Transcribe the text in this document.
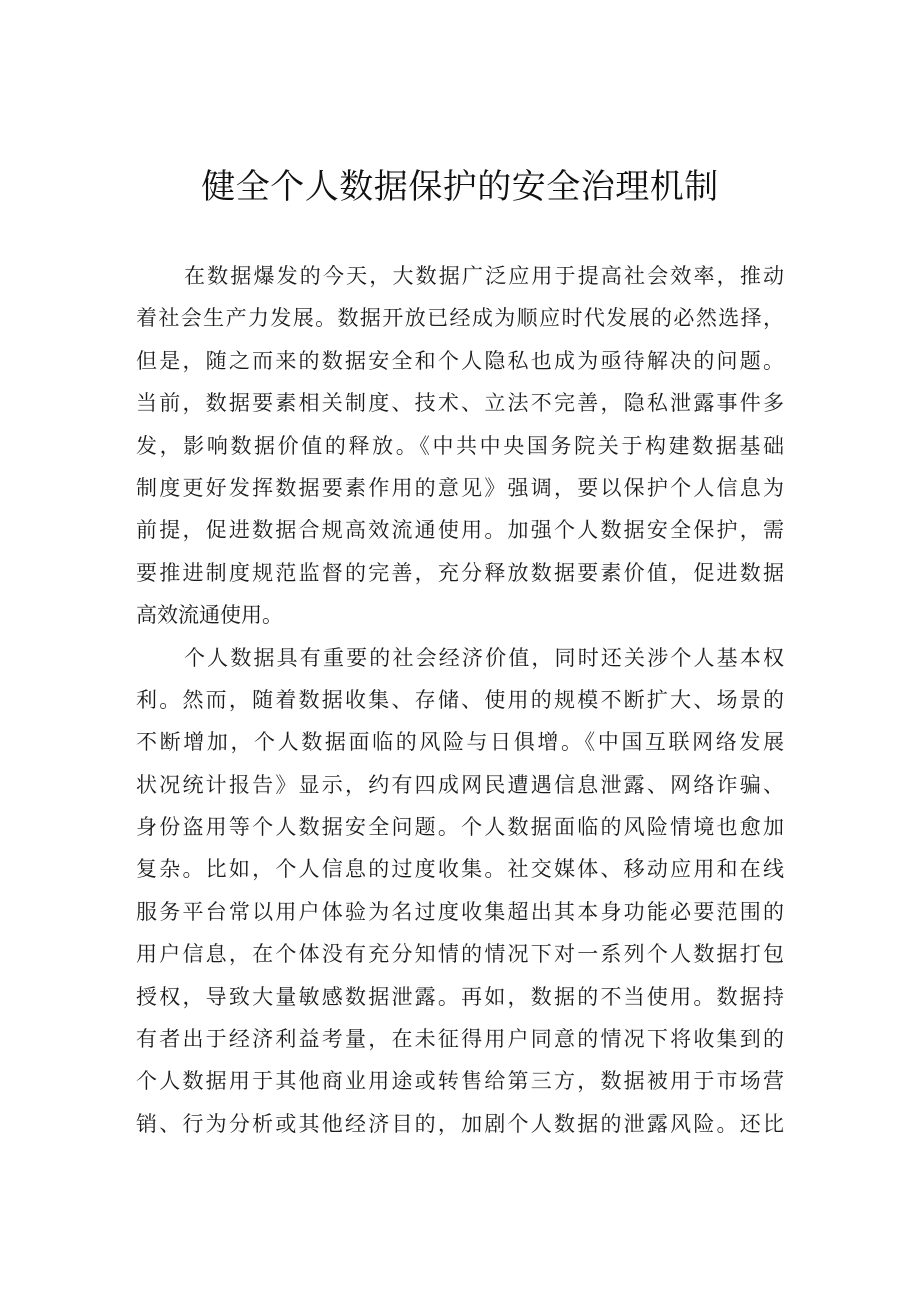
健全个人数据保护的安全治理机制

在数据爆发的今天，大数据广泛应用于提高社会效率，推动
着社会生产力发展。数据开放已经成为顺应时代发展的必然选择，
但是，随之而来的数据安全和个人隐私也成为亟待解决的问题。
当前，数据要素相关制度、技术、立法不完善，隐私泄露事件多
发，影响数据价值的释放。《中共中央国务院关于构建数据基础
制度更好发挥数据要素作用的意见》强调，要以保护个人信息为
前提，促进数据合规高效流通使用。加强个人数据安全保护，需
要推进制度规范监督的完善，充分释放数据要素价值，促进数据
高效流通使用。

个人数据具有重要的社会经济价值，同时还关涉个人基本权
利。然而，随着数据收集、存储、使用的规模不断扩大、场景的
不断增加，个人数据面临的风险与日俱增。《中国互联网络发展
状况统计报告》显示，约有四成网民遭遇信息泄露、网络诈骗、
身份盗用等个人数据安全问题。个人数据面临的风险情境也愈加
复杂。比如，个人信息的过度收集。社交媒体、移动应用和在线
服务平台常以用户体验为名过度收集超出其本身功能必要范围的
用户信息，在个体没有充分知情的情况下对一系列个人数据打包
授权，导致大量敏感数据泄露。再如，数据的不当使用。数据持
有者出于经济利益考量，在未征得用户同意的情况下将收集到的
个人数据用于其他商业用途或转售给第三方，数据被用于市场营
销、行为分析或其他经济目的，加剧个人数据的泄露风险。还比
